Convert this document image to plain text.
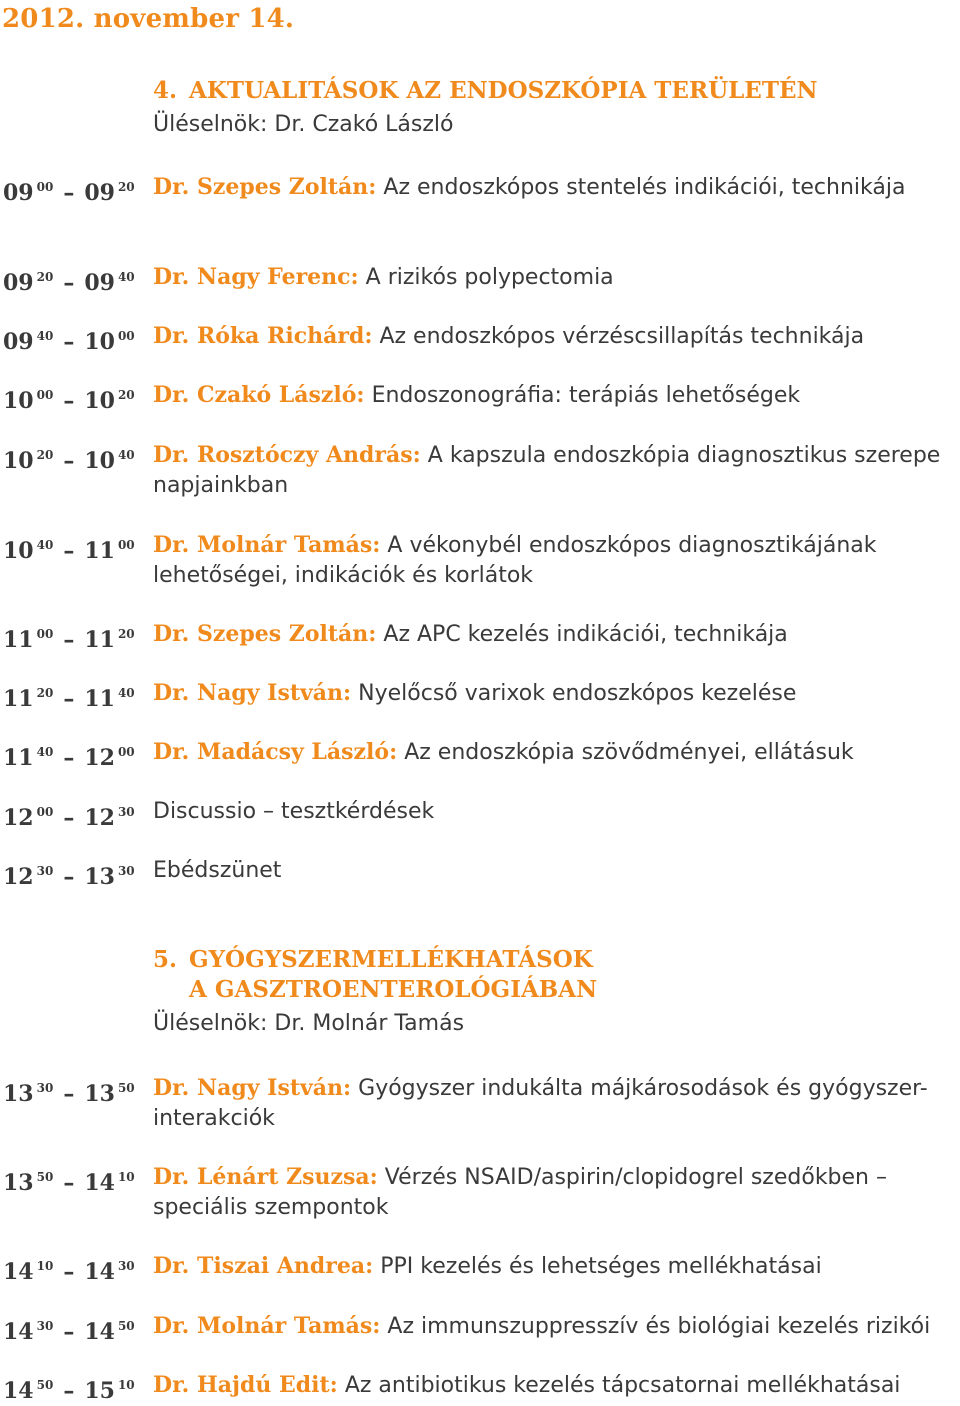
2012. november 14.
4. AKTUALITÁSOK AZ ENDOSZKÓPIA TERÜLETÉN
Üléselnök: Dr. Czakó László
5. GYÓGYSZERMELLÉKHATÁSOK
A GASZTROENTEROLÓGIÁBAN
Üléselnök: Dr. Molnár Tamás
09 $^{00}$ – 09 $^{20}$ Dr. Szepes Zoltán: Az endoszkópos stentelés indikációi, technikája
09 $^{20}$ – 09 $^{40}$ Dr. Nagy Ferenc: A rizikós polypectomia
09 $^{40}$ – 10 $^{00}$ Dr. Róka Richárd: Az endoszkópos vérzéscsillapítás technikája
10 $^{00}$ – 10 $^{20}$ Dr. Czakó László: Endoszonográfia: terápiás lehetőségek
10 $^{20}$ – 10 $^{40}$ Dr. Rosztóczy András: A kapszula endoszkópia diagnosztikus szerepe napjainkban
10 $^{40}$ – 11 $^{00}$ Dr. Molnár Tamás: A vékonybél endoszkópos diagnosztikájának lehetőségei, indikációk és korlátok
11 $^{00}$ – 11 $^{20}$ Dr. Szepes Zoltán: Az APC kezelés indikációi, technikája
11 $^{20}$ – 11 $^{40}$ Dr. Nagy István: Nyelőcső varixok endoszkópos kezelése
11 $^{40}$ – 12 $^{00}$ Dr. Madácsy László: Az endoszkópia szövődményei, ellátásuk
12 $^{00}$ – 12 $^{30}$ Discussio – tesztkérdések
12 $^{30}$ – 13 $^{30}$ Ebédszünet
13 $^{30}$ – 13 $^{50}$ Dr. Nagy István: Gyógyszer indukálta májkárosodások és gyógyszer-interakciók
13 $^{50}$ – 14 $^{10}$ Dr. Lénárt Zsuzsa: Vérzés NSAID/aspirin/clopidogrel szedőkben – speciális szempontok
14 $^{10}$ – 14 $^{30}$ Dr. Tiszai Andrea: PPI kezelés és lehetséges mellékhatásai
14 $^{30}$ – 14 $^{50}$ Dr. Molnár Tamás: Az immunszuppresszív és biológiai kezelés rizikói
14 $^{50}$ – 15 $^{10}$ Dr. Hajdú Edit: Az antibiotikus kezelés tápcsatornai mellékhatásai
